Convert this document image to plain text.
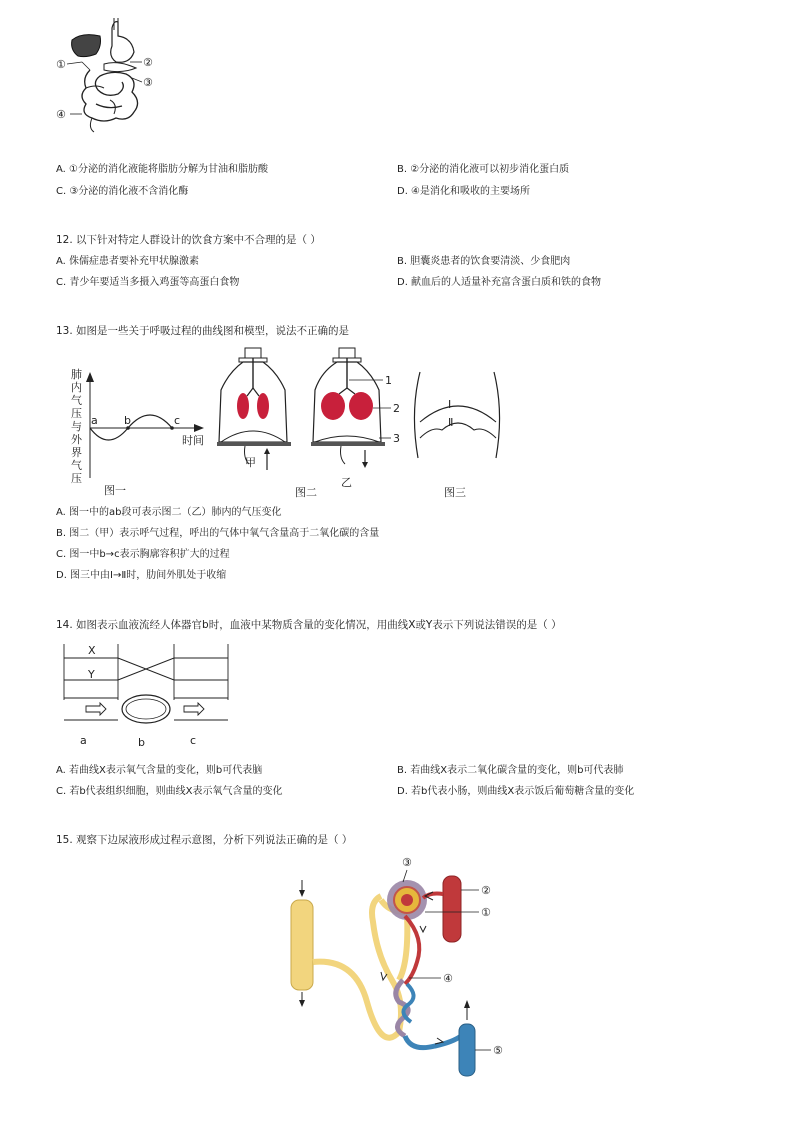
①	②
③
④
A. ①分泌的消化液能将脂肪分解为甘油和脂肪酸	B. ②分泌的消化液可以初步消化蛋白质
C. ③分泌的消化液不含消化酶	D. ④是消化和吸收的主要场所
12. 以下针对特定人群设计的饮食方案中不合理的是（ ）
A. 侏儒症患者要补充甲状腺激素	B. 胆囊炎患者的饮食要清淡、少食肥肉
C. 青少年要适当多摄入鸡蛋等高蛋白食物	D. 献血后的人适量补充富含蛋白质和铁的食物
13. 如图是一些关于呼吸过程的曲线图和模型，说法不正确的是
肺内气压与外界气压
a b	c
时间
图一
1
2
3
甲
乙
图二
Ⅰ
Ⅱ
图三
A. 图一中的ab段可表示图二（乙）肺内的气压变化
B. 图二（甲）表示呼气过程，呼出的气体中氧气含量高于二氧化碳的含量
C. 图一中b→c表示胸廓容积扩大的过程
D. 图三中由Ⅰ→Ⅱ时，肋间外肌处于收缩
14. 如图表示血液流经人体器官b时，血液中某物质含量的变化情况，用曲线X或Y表示下列说法错误的是（ ）
X
Y
a	b	c
A. 若曲线X表示氧气含量的变化，则b可代表脑	B. 若曲线X表示二氧化碳含量的变化，则b可代表肺
C. 若b代表组织细胞，则曲线X表示氧气含量的变化	D. 若b代表小肠，则曲线X表示饭后葡萄糖含量的变化
15. 观察下边尿液形成过程示意图，分析下列说法正确的是（ ）
③
②
①
④
⑤
